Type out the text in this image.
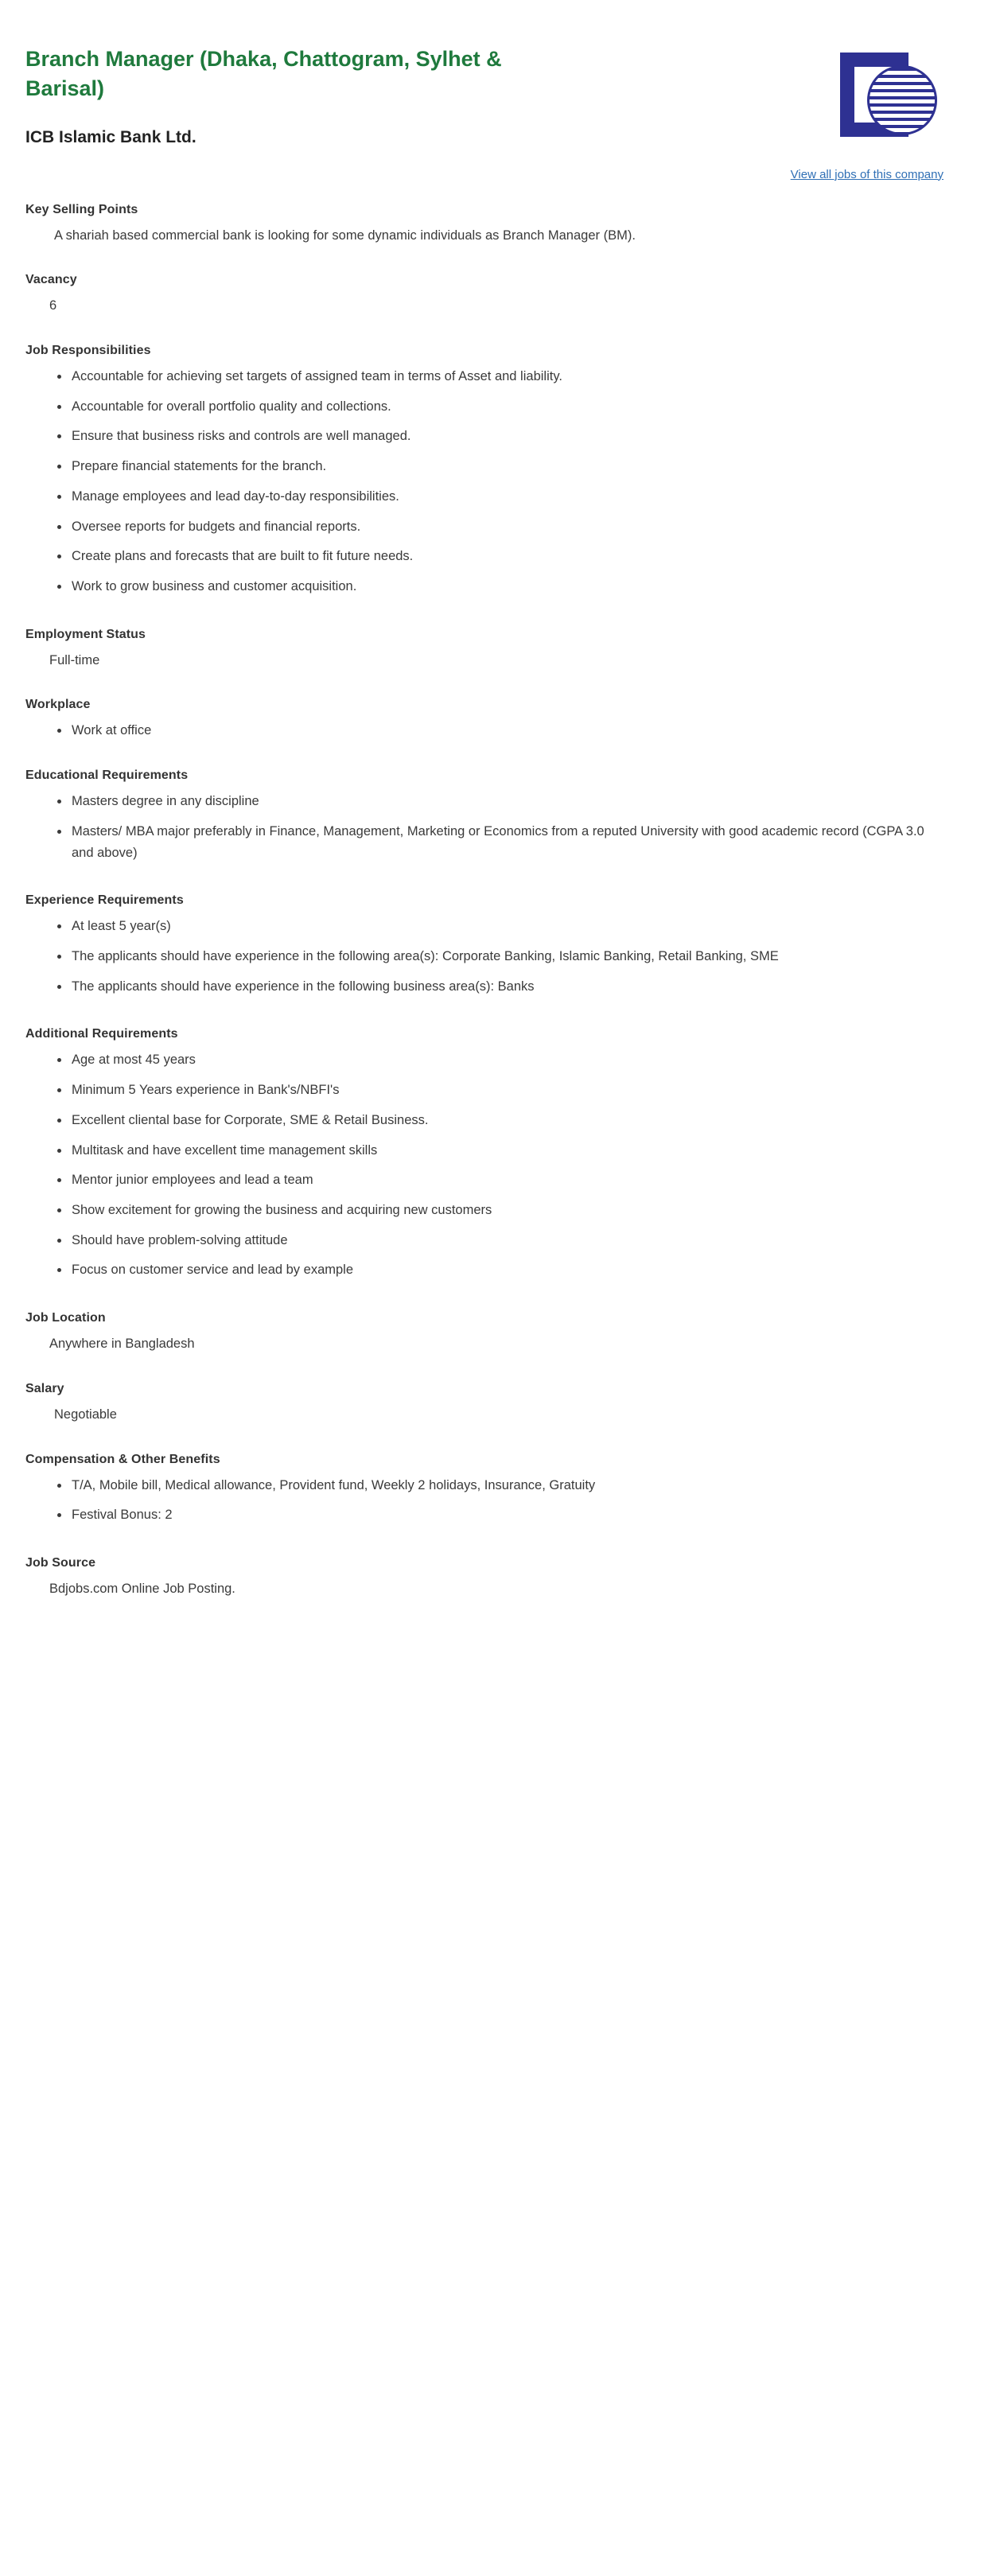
Branch Manager (Dhaka, Chattogram, Sylhet & Barisal)
ICB Islamic Bank Ltd.
View all jobs of this company
Key Selling Points

A shariah based commercial bank is looking for some dynamic individuals as Branch Manager (BM).

Vacancy

6

Job Responsibilities
Accountable for achieving set targets of assigned team in terms of Asset and liability.
Accountable for overall portfolio quality and collections.
Ensure that business risks and controls are well managed.
Prepare financial statements for the branch.
Manage employees and lead day-to-day responsibilities.
Oversee reports for budgets and financial reports.
Create plans and forecasts that are built to fit future needs.
Work to grow business and customer acquisition.
Employment Status

Full-time

Workplace
Work at office
Educational Requirements
Masters degree in any discipline
Masters/ MBA major preferably in Finance, Management, Marketing or Economics from a reputed University with good academic record (CGPA 3.0 and above)
Experience Requirements
At least 5 year(s)
The applicants should have experience in the following area(s): Corporate Banking, Islamic Banking, Retail Banking, SME
The applicants should have experience in the following business area(s): Banks
Additional Requirements
Age at most 45 years
Minimum 5 Years experience in Bank's/NBFI's
Excellent cliental base for Corporate, SME & Retail Business.
Multitask and have excellent time management skills
Mentor junior employees and lead a team
Show excitement for growing the business and acquiring new customers
Should have problem-solving attitude
Focus on customer service and lead by example
Job Location

Anywhere in Bangladesh

Salary

Negotiable

Compensation & Other Benefits
T/A, Mobile bill, Medical allowance, Provident fund, Weekly 2 holidays, Insurance, Gratuity
Festival Bonus: 2
Job Source

Bdjobs.com Online Job Posting.
